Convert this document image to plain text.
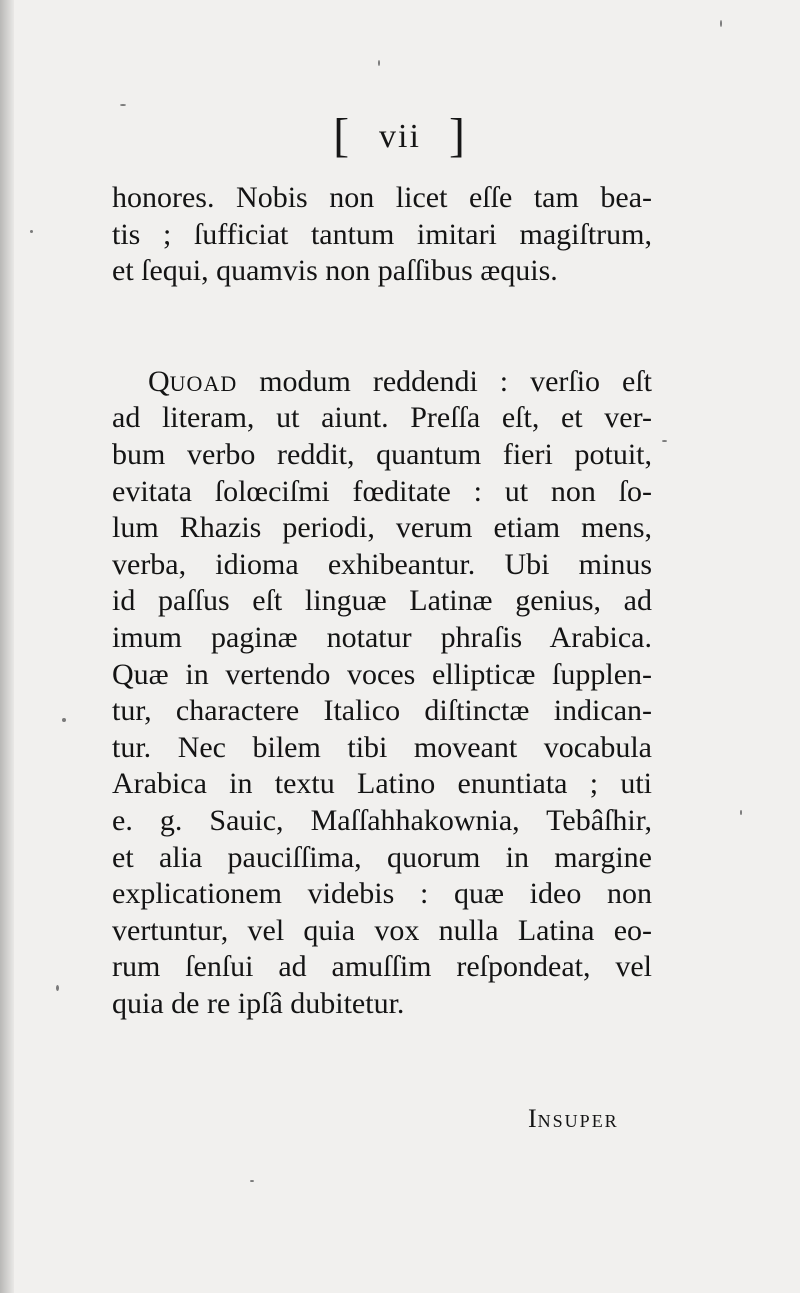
[ vii ]
honores. Nobis non licet eſſe tam bea-
tis ; ſufficiat tantum imitari magiſtrum,
et ſequi, quamvis non paſſibus æquis.
QUOAD modum reddendi : verſio eſt
ad literam, ut aiunt. Preſſa eſt, et ver-
bum verbo reddit, quantum fieri potuit,
evitata ſolœciſmi fœditate : ut non ſo-
lum Rhazis periodi, verum etiam mens,
verba, idioma exhibeantur. Ubi minus
id paſſus eſt linguæ Latinæ genius, ad
imum paginæ notatur phraſis Arabica.
Quæ in vertendo voces ellipticæ ſupplen-
tur, charactere Italico diſtinctæ indican-
tur. Nec bilem tibi moveant vocabula
Arabica in textu Latino enuntiata ; uti
e. g. Sauic, Maſſahhakownia, Tebâſhir,
et alia pauciſſima, quorum in margine
explicationem videbis : quæ ideo non
vertuntur, vel quia vox nulla Latina eo-
rum ſenſui ad amuſſim reſpondeat, vel
quia de re ipſâ dubitetur.
INSUPER
